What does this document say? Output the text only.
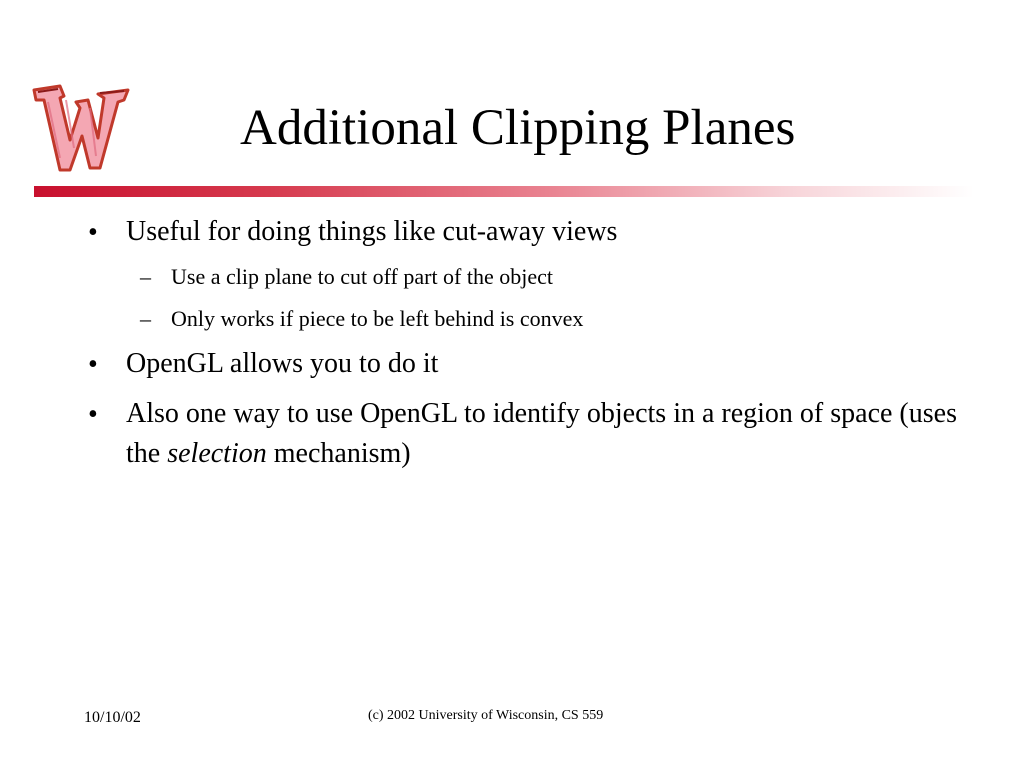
Additional Clipping Planes
• Useful for doing things like cut-away views
– Use a clip plane to cut off part of the object
– Only works if piece to be left behind is convex
• OpenGL allows you to do it
• Also one way to use OpenGL to identify objects in a region of space (uses the selection mechanism)
10/10/02	(c) 2002 University of Wisconsin, CS 559
